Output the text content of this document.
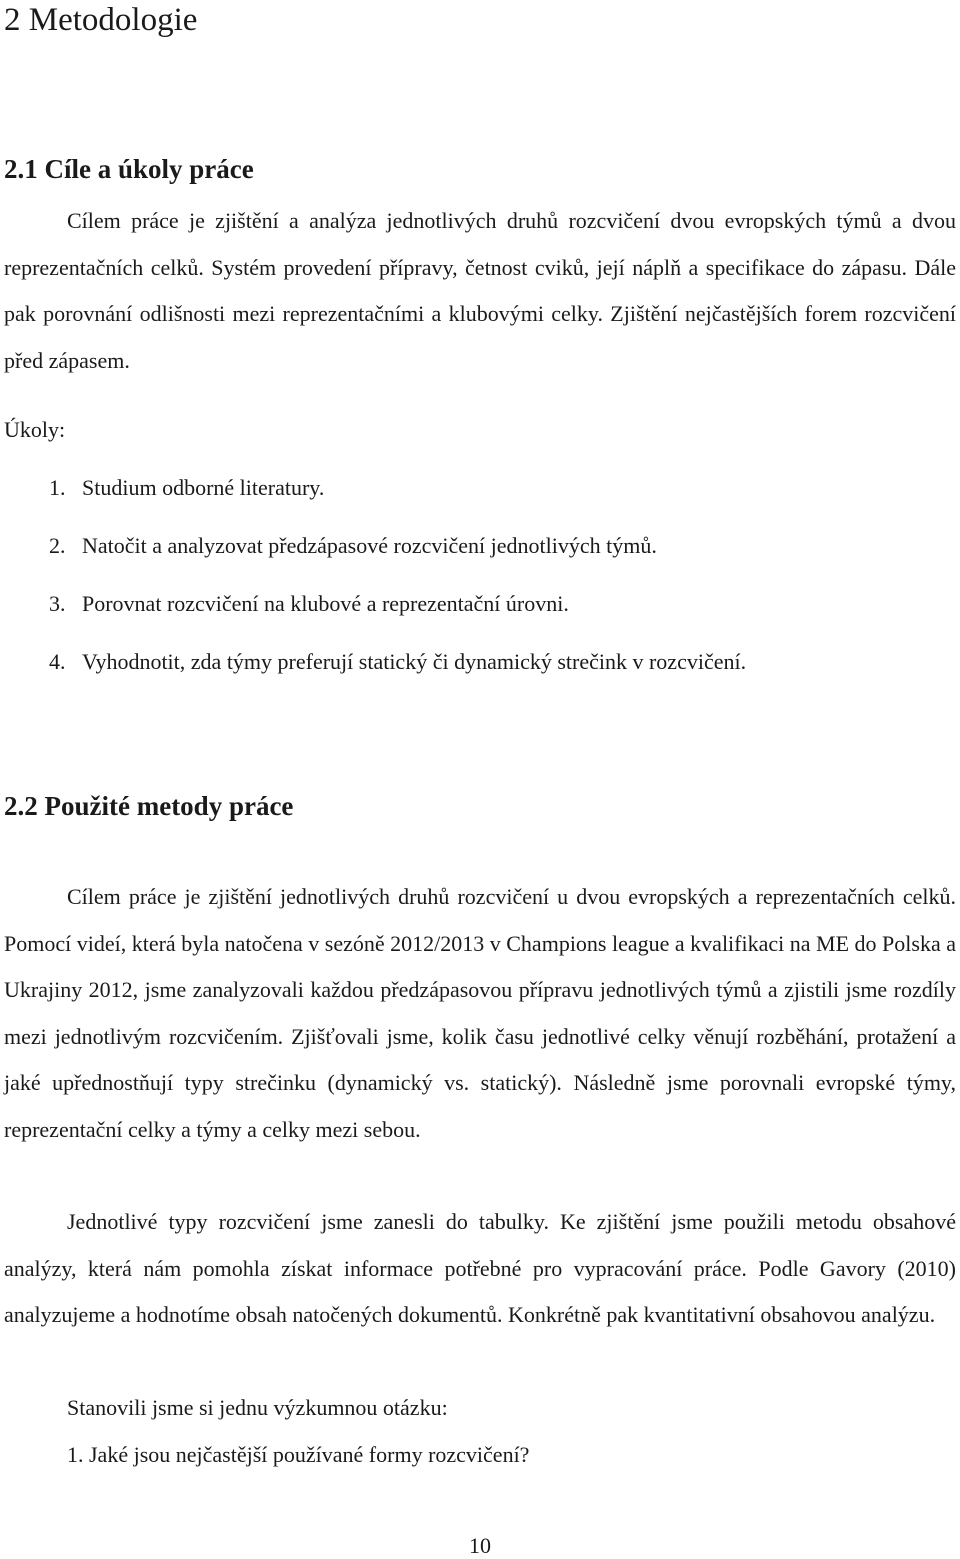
2 Metodologie
2.1 Cíle a úkoly práce

Cílem práce je zjištění a analýza jednotlivých druhů rozcvičení dvou evropských týmů a dvou reprezentačních celků. Systém provedení přípravy, četnost cviků, její náplň a specifikace do zápasu. Dále pak porovnání odlišnosti mezi reprezentačními a klubovými celky. Zjištění nejčastějších forem rozcvičení před zápasem.

Úkoly:
1. Studium odborné literatury.
2. Natočit a analyzovat předzápasové rozcvičení jednotlivých týmů.
3. Porovnat rozcvičení na klubové a reprezentační úrovni.
4. Vyhodnotit, zda týmy preferují statický či dynamický strečink v rozcvičení.
2.2 Použité metody práce

Cílem práce je zjištění jednotlivých druhů rozcvičení u dvou evropských a reprezentačních celků. Pomocí videí, která byla natočena v sezóně 2012/2013 v Champions league a kvalifikaci na ME do Polska a Ukrajiny 2012, jsme zanalyzovali každou předzápasovou přípravu jednotlivých týmů a zjistili jsme rozdíly mezi jednotlivým rozcvičením. Zjišťovali jsme, kolik času jednotlivé celky věnují rozběhání, protažení a jaké upřednostňují typy strečinku (dynamický vs. statický). Následně jsme porovnali evropské týmy, reprezentační celky a týmy a celky mezi sebou.

Jednotlivé typy rozcvičení jsme zanesli do tabulky. Ke zjištění jsme použili metodu obsahové analýzy, která nám pomohla získat informace potřebné pro vypracování práce. Podle Gavory (2010) analyzujeme a hodnotíme obsah natočených dokumentů. Konkrétně pak kvantitativní obsahovou analýzu.

Stanovili jsme si jednu výzkumnou otázku:
1. Jaké jsou nejčastější používané formy rozcvičení?
10
